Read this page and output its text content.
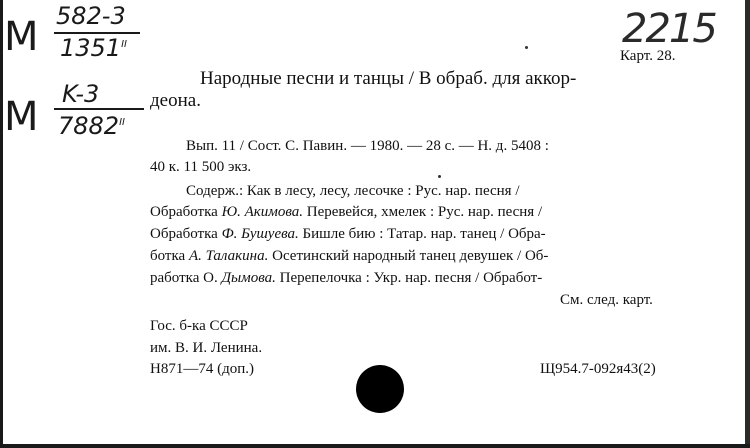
M 582-3
$1351^{II}$
M K-3
$7882^{II}$
2215
Карт. 28.
Народные песни и танцы / В обраб. для аккор-
деона.
Вып. 11 / Сост. С. Павин. — 1980. — 28 с. — Н. д. 5408 :
40 к. 11 500 экз.
Содерж.: Как в лесу, лесу, лесочке : Рус. нар. песня /
Обработка Ю. Акимова. Перевейся, хмелек : Рус. нар. песня /
Обработка Ф. Бушуева. Бишле бию : Татар. нар. танец / Обра-
ботка А. Талакина. Осетинский народный танец девушек / Об-
работка О. Дымова. Перепелочка : Укр. нар. песня / Обработ-
См. след. карт.
Гос. б-ка СССР
им. В. И. Ленина.
Н871—74 (доп.)	Щ954.7-092я43(2)
